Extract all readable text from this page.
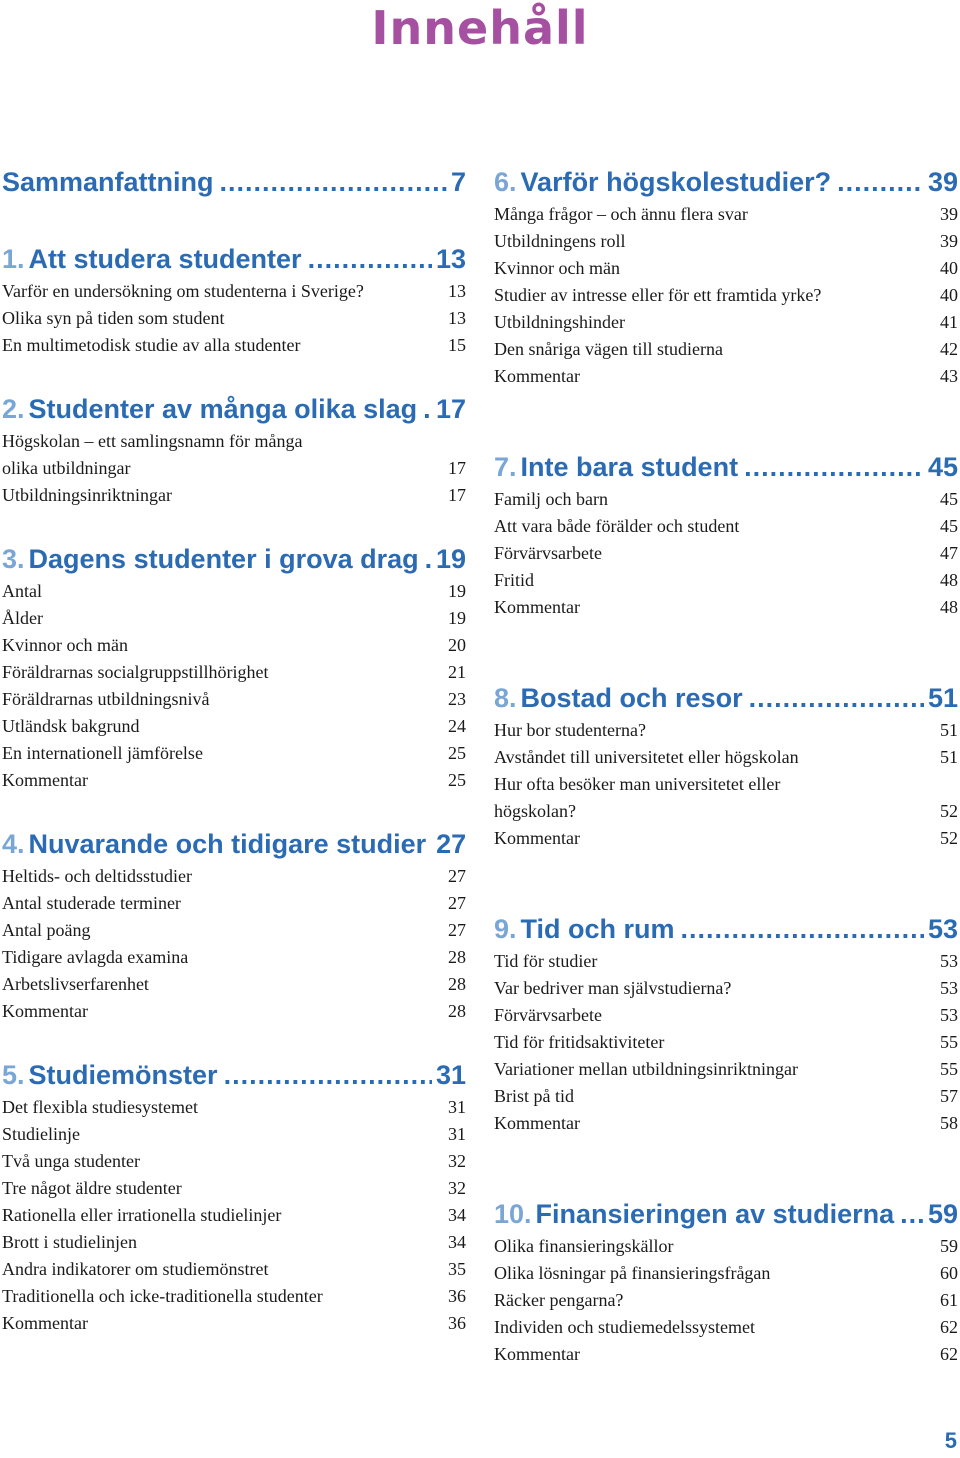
Innehåll
Sammanfattning .....	7
1. Att studera studenter .....	13
Varför en undersökning om studenterna i Sverige?	13
Olika syn på tiden som student	13
En multimetodisk studie av alla studenter	15
2. Studenter av många olika slag ..... 17
Högskolan – ett samlingsnamn för många
olika utbildningar	17
Utbildningsinriktningar	17
3. Dagens studenter i grova drag ..... 19
Antal	19
Ålder	19
Kvinnor och män	20
Föräldrarnas socialgruppstillhörighet	21
Föräldrarnas utbildningsnivå	23
Utländsk bakgrund	24
En internationell jämförelse	25
Kommentar	25
4. Nuvarande och tidigare studier 27
Heltids- och deltidsstudier	27
Antal studerade terminer	27
Antal poäng	27
Tidigare avlagda examina	28
Arbetslivserfarenhet	28
Kommentar	28
5. Studiemönster .....	31
Det flexibla studiesystemet	31
Studielinje	31
Två unga studenter	32
Tre något äldre studenter	32
Rationella eller irrationella studielinjer	34
Brott i studielinjen	34
Andra indikatorer om studiemönstret	35
Traditionella och icke-traditionella studenter	36
Kommentar	36
6. Varför högskolestudier? .....	39
Många frågor – och ännu flera svar	39
Utbildningens roll	39
Kvinnor och män	40
Studier av intresse eller för ett framtida yrke?	40
Utbildningshinder	41
Den snåriga vägen till studierna	42
Kommentar	43
7. Inte bara student .....	45
Familj och barn	45
Att vara både förälder och student	45
Förvärvsarbete	47
Fritid	48
Kommentar	48
8. Bostad och resor .....	51
Hur bor studenterna?	51
Avståndet till universitetet eller högskolan	51
Hur ofta besöker man universitetet eller
högskolan?	52
Kommentar	52
9. Tid och rum .....	53
Tid för studier	53
Var bedriver man självstudierna?	53
Förvärvsarbete	53
Tid för fritidsaktiviteter	55
Variationer mellan utbildningsinriktningar	55
Brist på tid	57
Kommentar	58
10. Finansieringen av studierna ..... 59
Olika finansieringskällor	59
Olika lösningar på finansieringsfrågan	60
Räcker pengarna?	61
Individen och studiemedelssystemet	62
Kommentar	62
5
